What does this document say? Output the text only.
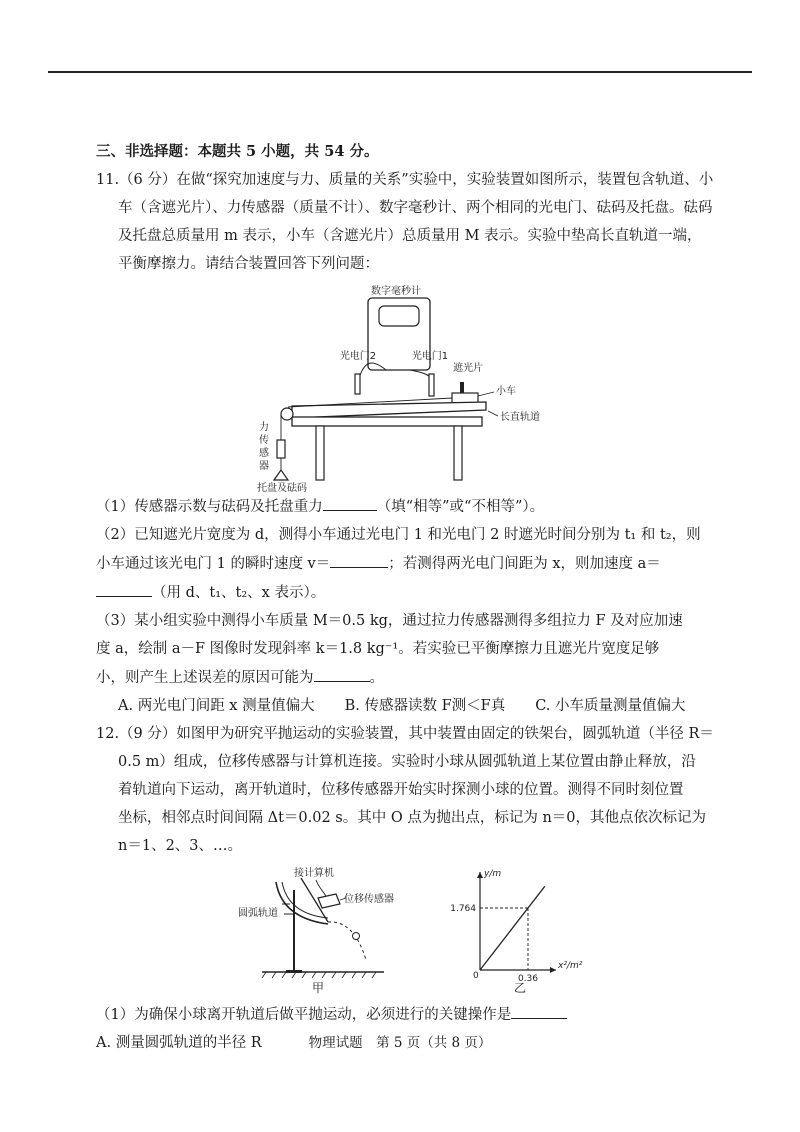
三、非选择题：本题共 5 小题，共 54 分。
11.（6 分）在做“探究加速度与力、质量的关系”实验中，实验装置如图所示，装置包含轨道、小
车（含遮光片）、力传感器（质量不计）、数字毫秒计、两个相同的光电门、砝码及托盘。砝码
及托盘总质量用 m 表示，小车（含遮光片）总质量用 M 表示。实验中垫高长直轨道一端，
平衡摩擦力。请结合装置回答下列问题：
数字毫秒计
光电门2	光电门1
遮光片
小车
长直轨道
力
传
感
器
托盘及砝码
（1）传感器示数与砝码及托盘重力	（填“相等”或“不相等”）。
（2）已知遮光片宽度为 d，测得小车通过光电门 1 和光电门 2 时遮光时间分别为 t₁ 和 t₂，则
小车通过该光电门 1 的瞬时速度 v＝	；若测得两光电门间距为 x，则加速度 a＝
（用 d、t₁、t₂、x 表示）。
（3）某小组实验中测得小车质量 M＝0.5 kg，通过拉力传感器测得多组拉力 F 及对应加速
度 a，绘制 a－F 图像时发现斜率 k＝1.8 kg⁻¹。若实验已平衡摩擦力且遮光片宽度足够
小，则产生上述误差的原因可能为	。
A. 两光电门间距 x 测量值偏大 B. 传感器读数 F测＜F真 C. 小车质量测量值偏大
12.（9 分）如图甲为研究平抛运动的实验装置，其中装置由固定的铁架台，圆弧轨道（半径 R＝
0.5 m）组成，位移传感器与计算机连接。实验时小球从圆弧轨道上某位置由静止释放，沿
着轨道向下运动，离开轨道时，位移传感器开始实时探测小球的位置。测得不同时刻位置
坐标，相邻点时间间隔 Δt＝0.02 s。其中 O 点为抛出点，标记为 n＝0，其他点依次标记为
n＝1、2、3、…。
接计算机
位移传感器
圆弧轨道
甲
y/m
x²/m²
0
1.764
0.36
乙
（1）为确保小球离开轨道后做平抛运动，必须进行的关键操作是
A. 测量圆弧轨道的半径 R	物理试题　第 5 页（共 8 页）
